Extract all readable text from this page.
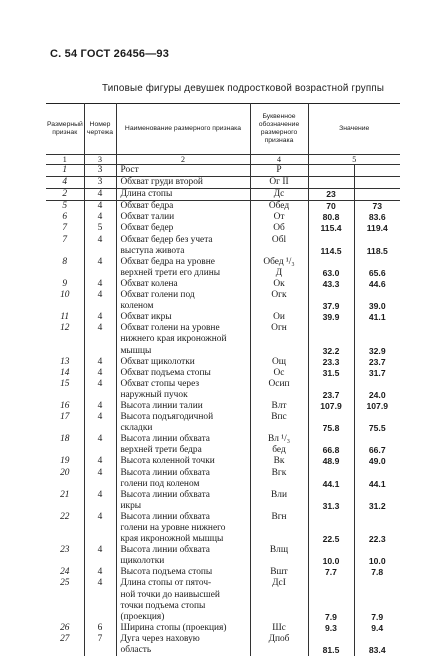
С. 54 ГОСТ 26456—93
Типовые фигуры девушек подростковой возрастной группы
Размерный признак	Номер чертежа	Наименование размерного признака	Буквенное обозначение размерного признака	Значение	
1	3	2	4	5	
1	3	Рост	Р		
4	3	Обхват груди второй	Ог II		
2	4	Длина стопы	Дс	23	
5	4	Обхват бедра	Обед	70	73
6	4	Обхват талии	От	80.8	83.6
7	5	Обхват бедер	Об	115.4	119.4
7	4	Обхват бедер без учета	Обl		
		выступа живота		114.5	118.5
8	4	Обхват бедра на уровне	Обед ¹/₃		
		верхней трети его длины	Д	63.0	65.6
9	4	Обхват колена	Ок	43.3	44.6
10	4	Обхват голени под	Огк		
		коленом		37.9	39.0
11	4	Обхват икры	Ои	39.9	41.1
12	4	Обхват голени на уровне	Огн		
		нижнего края икроножной			
		мышцы		32.2	32.9
13	4	Обхват щиколотки	Ощ	23.3	23.7
14	4	Обхват подъема стопы	Ос	31.5	31.7
15	4	Обхват стопы через	Осип		
		наружный пучок		23.7	24.0
16	4	Высота линии талии	Влт	107.9	107.9
17	4	Высота подъягодичной	Впс		
		складки		75.8	75.5
18	4	Высота линии обхвата	Вл ¹/₃		
		верхней трети бедра	бед	66.8	66.7
19	4	Высота коленной точки	Вк	48.9	49.0
20	4	Высота линии обхвата	Вгк		
		голени под коленом		44.1	44.1
21	4	Высота линии обхвата	Вли		
		икры		31.3	31.2
22	4	Высота линии обхвата	Вгн		
		голени на уровне нижнего			
		края икроножной мышцы		22.5	22.3
23	4	Высота линии обхвата	Влщ		
		щиколотки		10.0	10.0
24	4	Высота подъема стопы	Вшт	7.7	7.8
25	4	Длина стопы от пяточ-	ДсI		
		ной точки до наивысшей			
		точки подъема стопы			
		(проекция)		7.9	7.9
26	6	Ширина стопы (проекция)	Шс	9.3	9.4
27	7	Дуга через наховую	Дпоб		
		область		81.5	83.4
